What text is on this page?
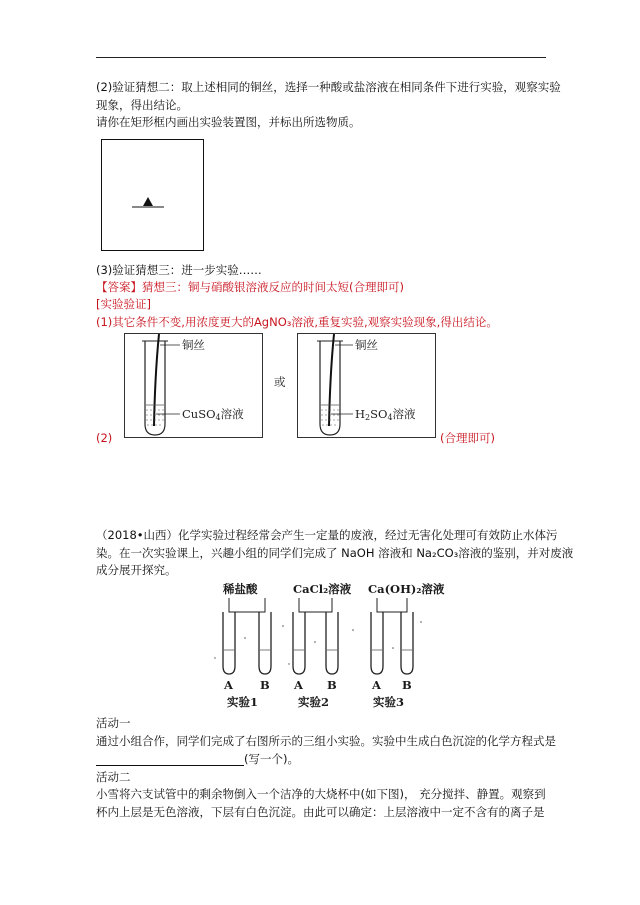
(2)验证猜想二：取上述相同的铜丝，选择一种酸或盐溶液在相同条件下进行实验，观察实验
现象，得出结论。
请你在矩形框内画出实验装置图，并标出所选物质。
(3)验证猜想三：进一步实验……
【答案】猜想三：铜与硝酸银溶液反应的时间太短(合理即可)
[实验验证]
(1)其它条件不变,用浓度更大的AgNO₃溶液,重复实验,观察实验现象,得出结论。
铜丝
CuSO$_4$溶液
或
铜丝
$H_2SO_4$溶液
(2)	(合理即可)
（2018•山西）化学实验过程经常会产生一定量的废液，经过无害化处理可有效防止水体污
染。在一次实验课上，兴趣小组的同学们完成了 NaOH 溶液和 Na₂CO₃溶液的鉴别，并对废液
成分展开探究。
稀盐酸	CaCl₂溶液 Ca(OH)₂溶液
A B A B	A B
实验1	实验2	实验3
活动一
通过小组合作，同学们完成了右图所示的三组小实验。实验中生成白色沉淀的化学方程式是
(写一个)。
活动二
小雪将六支试管中的剩余物倒入一个洁净的大烧杯中(如下图)， 充分搅拌、静置。观察到
杯内上层是无色溶液，下层有白色沉淀。由此可以确定：上层溶液中一定不含有的离子是
